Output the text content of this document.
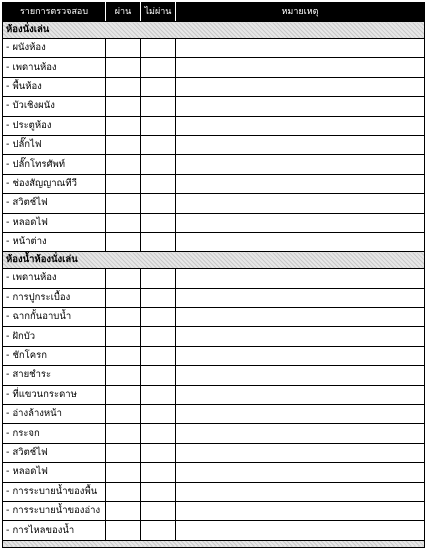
รายการตรวจสอบ	ผ่าน	ไม่ผ่าน	หมายเหตุ
ห้องนั่งเล่น			
- ผนังห้อง			
- เพดานห้อง			
- พื้นห้อง			
- บัวเชิงผนัง			
- ประตูห้อง			
- ปลั๊กไฟ			
- ปลั๊กโทรศัพท์			
- ช่องสัญญาณทีวี			
- สวิตช์ไฟ			
- หลอดไฟ			
- หน้าต่าง			
ห้องน้ำห้องนั่งเล่น			
- เพดานห้อง			
- การปูกระเบื้อง			
- ฉากกั้นอาบน้ำ			
- ฝักบัว			
- ชักโครก			
- สายชำระ			
- ที่แขวนกระดาษ			
- อ่างล้างหน้า			
- กระจก			
- สวิตช์ไฟ			
- หลอดไฟ			
- การระบายน้ำของพื้น			
- การระบายน้ำของอ่าง			
- การไหลของน้ำ			
